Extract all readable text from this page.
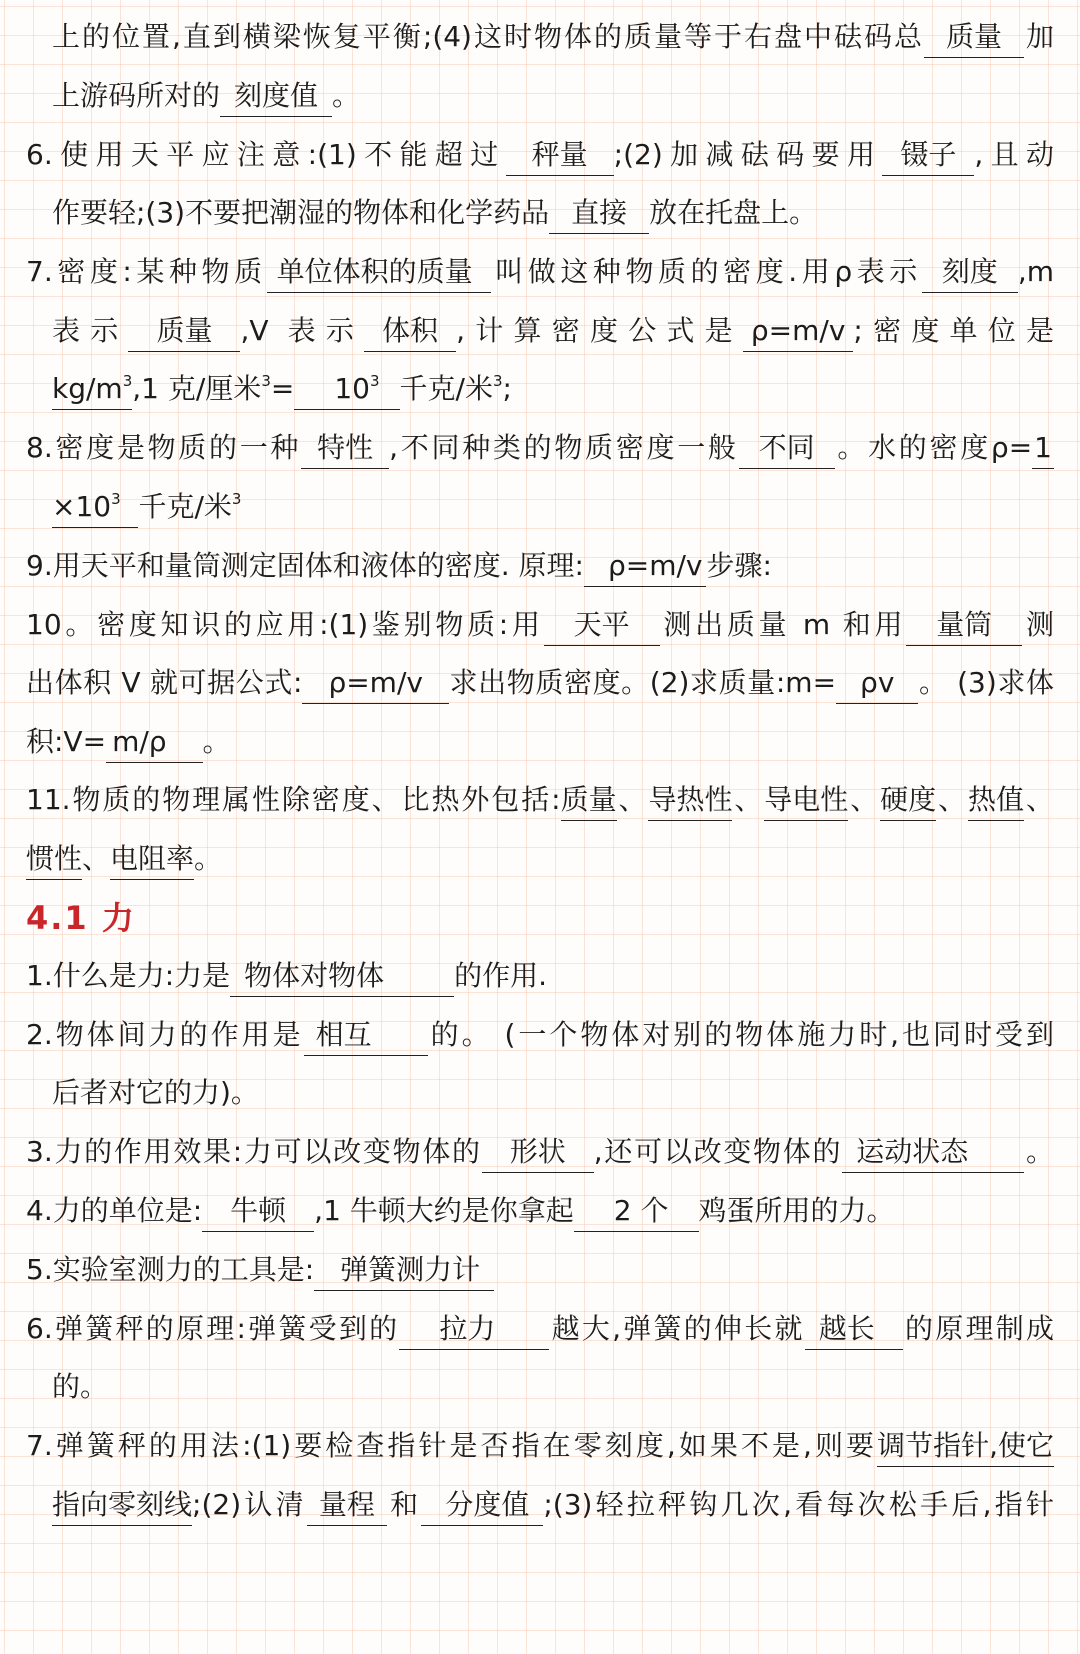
上的位置,直到横梁恢复平衡;(4)这时物体的质量等于右盘中砝码总 质量 加
上游码所对的 刻度值 。
6.使用天平应注意:(1)不能超过 秤量 ;(2)加减砝码要用 镊子 ,且动
作要轻;(3)不要把潮湿的物体和化学药品 直接 放在托盘上。
7.密度:某种物质 单位体积的质量 叫做这种物质的密度.用ρ表示 刻度 ,m
表示 质量 ,V 表示 体积 ,计算密度公式是 ρ=m/v ;密度单位是
$kg/m^3,1$ 克/厘米$^3= 10^3$ 千克/米$^3$;
8.密度是物质的一种 特性 ,不同种类的物质密度一般 不同 。水的密度ρ=1
$\times 10^3$ 千克/米$^3$
9.用天平和量筒测定固体和液体的密度. 原理: ρ=m/v 步骤:
10。密度知识的应用:(1)鉴别物质:用 天平 测出质量 m 和用 量筒 测
出体积 V 就可据公式: ρ=m/v 求出物质密度。(2)求质量:m= ρv 。 (3)求体
积:V= m/ρ 。
11.物质的物理属性除密度、比热外包括:质量、导热性、导电性、硬度、热值、
惯性、电阻率。
4.1 力
1.什么是力:力是 物体对物体	的作用.
2.物体间力的作用是 相互 的。 (一个物体对别的物体施力时,也同时受到
后者对它的力)。
3.力的作用效果:力可以改变物体的 形状 ,还可以改变物体的 运动状态 。
4.力的单位是: 牛顿 ,1 牛顿大约是你拿起 2 个 鸡蛋所用的力。
5.实验室测力的工具是: 弹簧测力计
6.弹簧秤的原理:弹簧受到的 拉力 越大,弹簧的伸长就 越长 的原理制成
的。
7.弹簧秤的用法:(1)要检查指针是否指在零刻度,如果不是,则要调节指针,使它
指向零刻线;(2)认清 量程 和 分度值 ;(3)轻拉秤钩几次,看每次松手后,指针
